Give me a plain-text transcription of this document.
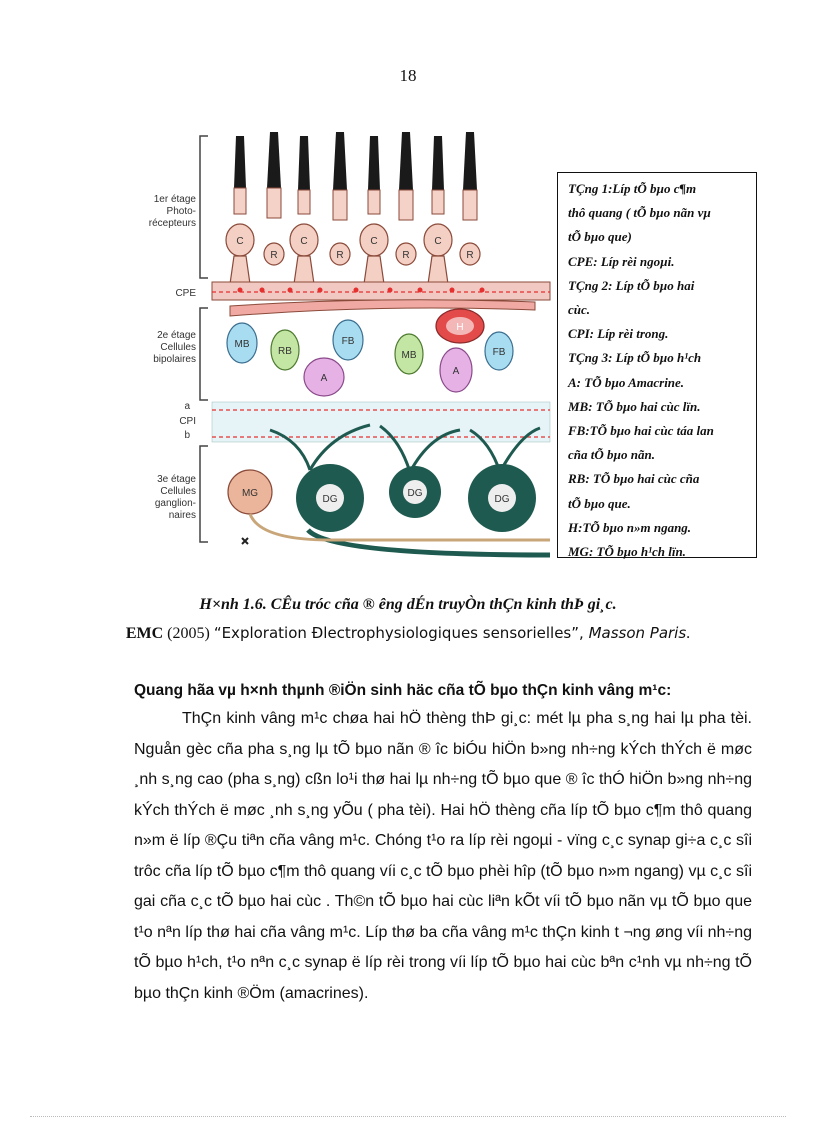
18
1er étage
Photo-
récepteurs
CPE
2e étage
Cellules
bipolaires
a
CPI
b
3e étage
Cellules
ganglion-
naires
C	C	C	C
R	R	R	R
MB
RB
FB
MB
H
FB
A
A
MG
DG
DG
DG
TÇng 1:Líp tÕ bµo c¶m
thô quang ( tÕ bµo nãn vµ
tÕ bµo que)
CPE: Líp rèi ngoµi.
TÇng 2: Líp tÕ bµo hai
cùc.
CPI: Líp rèi trong.
TÇng 3: Líp tÕ bµo h¹ch
A: TÕ bµo Amacrine.
MB: TÕ bµo hai cùc lïn.
FB:TÕ bµo hai cùc táa lan
cña tÕ bµo nãn.
RB: TÕ bµo hai cùc cña
tÕ bµo que.
H:TÕ bµo n»m ngang.
MG: TÕ bµo h¹ch lïn.
H×nh 1.6. CÊu tróc cña ® êng dÉn truyÒn thÇn kinh thÞ gi¸c.
EMC (2005) “Exploration Ðlectrophysiologiques sensorielles”, Masson Paris.
Quang hãa vµ h×nh thµnh ®iÖn sinh häc cña tÕ bµo thÇn kinh vâng m¹c:

ThÇn kinh vâng m¹c chøa hai hÖ thèng thÞ gi¸c: mét lµ pha s¸ng hai lµ pha tèi. Nguån gèc cña pha s¸ng lµ tÕ bµo nãn ® îc biÓu hiÖn b»ng nh÷ng kÝch thÝch ë møc ¸nh s¸ng cao (pha s¸ng) cßn lo¹i thø hai lµ nh÷ng tÕ bµo que ® îc thÓ hiÖn b»ng nh÷ng kÝch thÝch ë møc ¸nh s¸ng yÕu ( pha tèi). Hai hÖ thèng cña líp tÕ bµo c¶m thô quang n»m ë líp ®Çu tiªn cña vâng m¹c. Chóng t¹o ra líp rèi ngoµi - vïng c¸c synap gi÷a c¸c sîi trôc cña líp tÕ bµo c¶m thô quang víi c¸c tÕ bµo phèi hîp (tÕ bµo n»m ngang) vµ c¸c sîi gai cña c¸c tÕ bµo hai cùc . Th©n tÕ bµo hai cùc liªn kÕt víi tÕ bµo nãn vµ tÕ bµo que t¹o nªn líp thø hai cña vâng m¹c. Líp thø ba cña vâng m¹c thÇn kinh t ¬ng øng víi nh÷ng tÕ bµo h¹ch, t¹o nªn c¸c synap ë líp rèi trong víi líp tÕ bµo hai cùc bªn c¹nh vµ nh÷ng tÕ bµo thÇn kinh ®Öm (amacrines).
